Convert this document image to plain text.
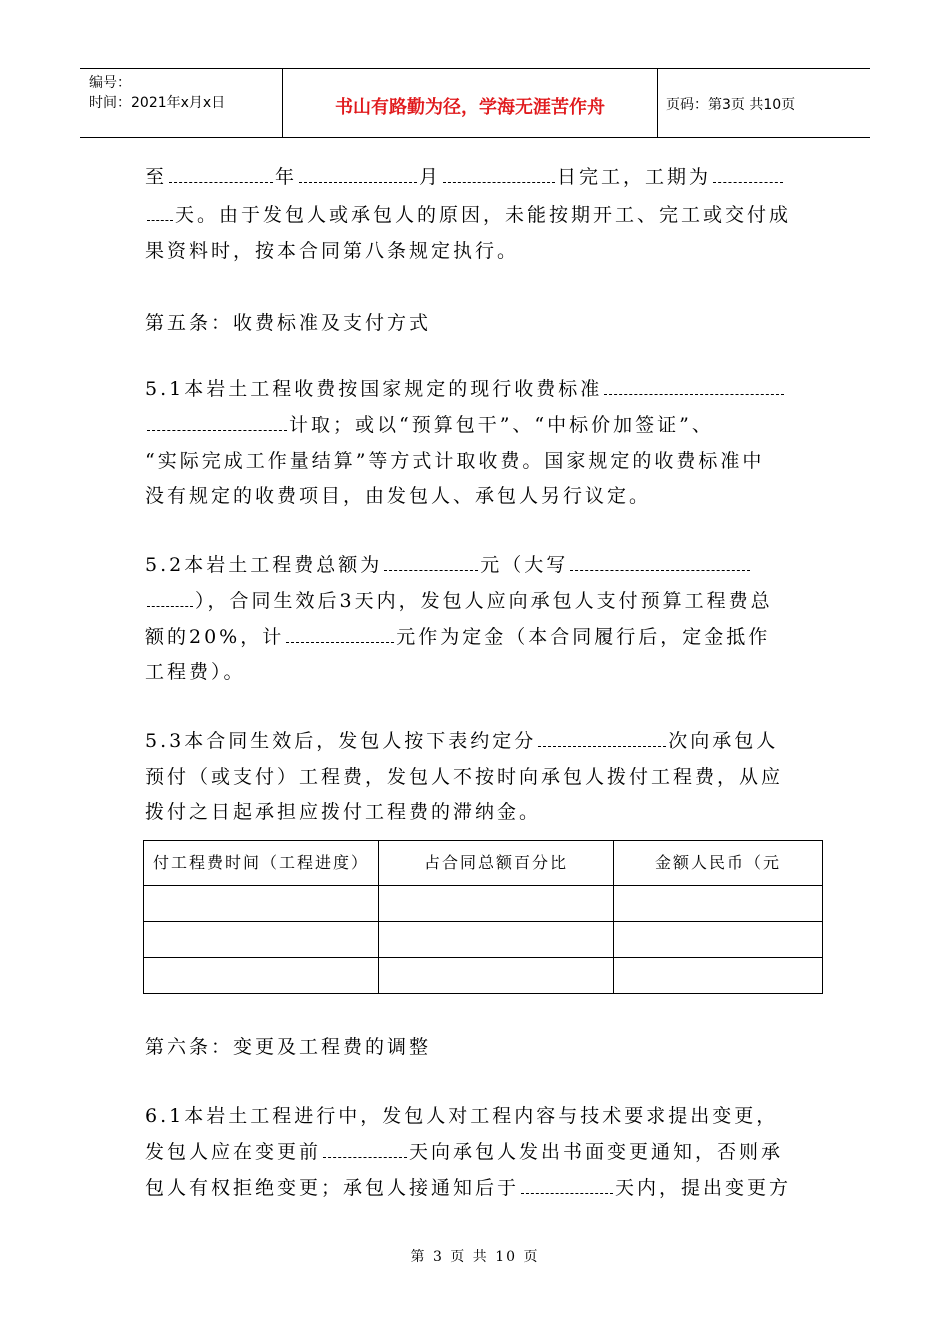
编号：
时间：2021年x月x日	书山有路勤为径，学海无涯苦作舟	页码：第3页 共10页
至	年	月	日完工，工期为
天。由于发包人或承包人的原因，未能按期开工、完工或交付成
果资料时，按本合同第八条规定执行。
第五条：收费标准及支付方式
5.1本岩土工程收费按国家规定的现行收费标准
计取；或以“预算包干”、“中标价加签证”、
“实际完成工作量结算”等方式计取收费。国家规定的收费标准中
没有规定的收费项目，由发包人、承包人另行议定。
5.2本岩土工程费总额为	元（大写
），合同生效后3天内，发包人应向承包人支付预算工程费总
额的20%，计	元作为定金（本合同履行后，定金抵作
工程费）。
5.3本合同生效后，发包人按下表约定分	次向承包人
预付（或支付）工程费，发包人不按时向承包人拨付工程费，从应
拨付之日起承担应拨付工程费的滞纳金。
付工程费时间（工程进度）	占合同总额百分比	金额人民币（元

第六条：变更及工程费的调整
6.1本岩土工程进行中，发包人对工程内容与技术要求提出变更，
发包人应在变更前	天向承包人发出书面变更通知，否则承
包人有权拒绝变更；承包人接通知后于	天内，提出变更方
第 3 页 共 10 页
